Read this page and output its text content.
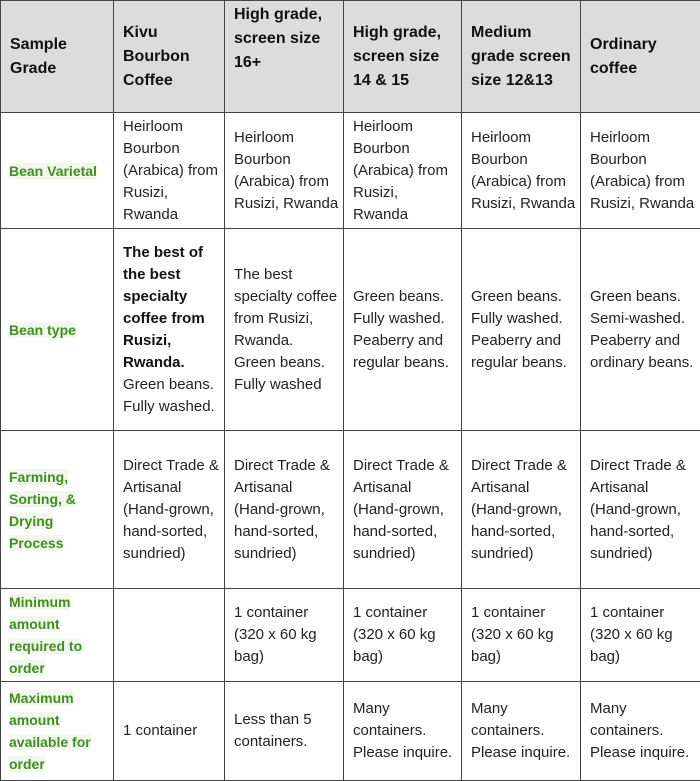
Sample Grade	Kivu Bourbon Coffee	High grade, screen size 16+	High grade, screen size 14 & 15	Medium grade screen size 12&13	Ordinary coffee
Bean Varietal	Heirloom Bourbon (Arabica) from Rusizi, Rwanda	Heirloom Bourbon (Arabica) from Rusizi, Rwanda	Heirloom Bourbon (Arabica) from Rusizi, Rwanda	Heirloom Bourbon (Arabica) from Rusizi, Rwanda	Heirloom Bourbon (Arabica) from Rusizi, Rwanda
Bean type	The best of the best specialty coffee from Rusizi, Rwanda. Green beans. Fully washed.	The best specialty coffee from Rusizi, Rwanda. Green beans. Fully washed	Green beans. Fully washed. Peaberry and regular beans.	Green beans. Fully washed. Peaberry and regular beans.	Green beans. Semi-washed. Peaberry and ordinary beans.
Farming, Sorting, & Drying Process	Direct Trade & Artisanal (Hand-grown, hand-sorted, sundried)	Direct Trade & Artisanal (Hand-grown, hand-sorted, sundried)	Direct Trade & Artisanal (Hand-grown, hand-sorted, sundried)	Direct Trade & Artisanal (Hand-grown, hand-sorted, sundried)	Direct Trade & Artisanal (Hand-grown, hand-sorted, sundried)
Minimum amount required to order		1 container (320 x 60 kg bag)	1 container (320 x 60 kg bag)	1 container (320 x 60 kg bag)	1 container (320 x 60 kg bag)
Maximum amount available for order	1 container	Less than 5 containers.	Many containers. Please inquire.	Many containers. Please inquire.	Many containers. Please inquire.
